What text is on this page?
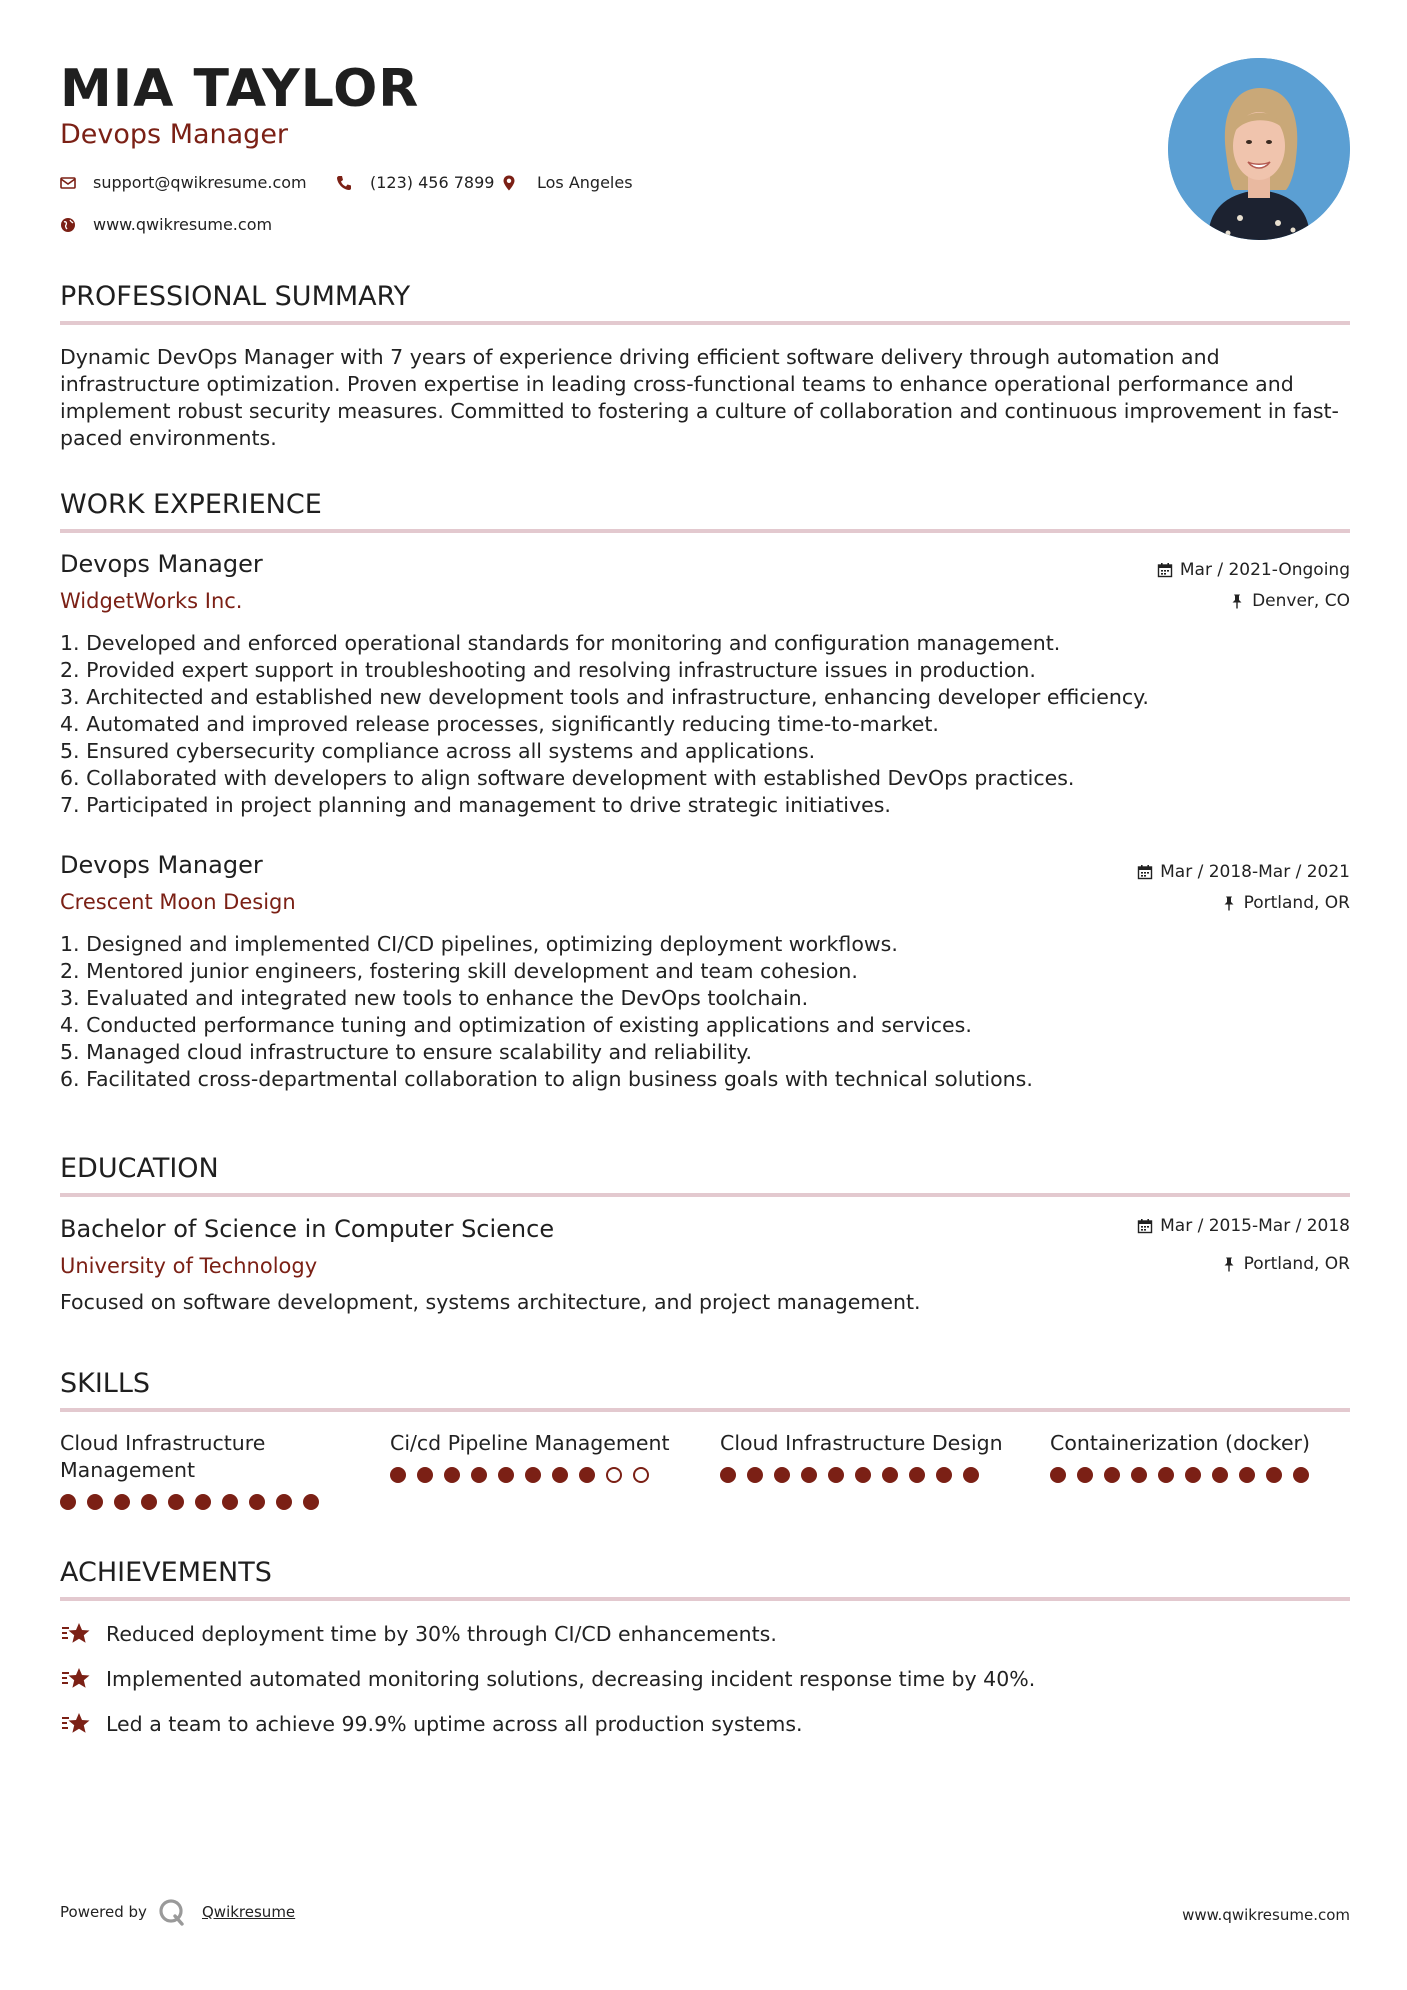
MIA TAYLOR
Devops Manager
support@qwikresume.com	(123) 456 7899	Los Angeles
www.qwikresume.com
PROFESSIONAL SUMMARY
Dynamic DevOps Manager with 7 years of experience driving efficient software delivery through automation and infrastructure optimization. Proven expertise in leading cross-functional teams to enhance operational performance and implement robust security measures. Committed to fostering a culture of collaboration and continuous improvement in fast-paced environments.
WORK EXPERIENCE
Devops Manager
WidgetWorks Inc.
Mar / 2021-Ongoing
Denver, CO
1. Developed and enforced operational standards for monitoring and configuration management.
2. Provided expert support in troubleshooting and resolving infrastructure issues in production.
3. Architected and established new development tools and infrastructure, enhancing developer efficiency.
4. Automated and improved release processes, significantly reducing time-to-market.
5. Ensured cybersecurity compliance across all systems and applications.
6. Collaborated with developers to align software development with established DevOps practices.
7. Participated in project planning and management to drive strategic initiatives.
Devops Manager
Crescent Moon Design
Mar / 2018-Mar / 2021
Portland, OR
1. Designed and implemented CI/CD pipelines, optimizing deployment workflows.
2. Mentored junior engineers, fostering skill development and team cohesion.
3. Evaluated and integrated new tools to enhance the DevOps toolchain.
4. Conducted performance tuning and optimization of existing applications and services.
5. Managed cloud infrastructure to ensure scalability and reliability.
6. Facilitated cross-departmental collaboration to align business goals with technical solutions.
EDUCATION
Bachelor of Science in Computer Science
University of Technology
Mar / 2015-Mar / 2018
Portland, OR
Focused on software development, systems architecture, and project management.
SKILLS
Cloud Infrastructure Management
Ci/cd Pipeline Management	Cloud Infrastructure Design	Containerization (docker)
ACHIEVEMENTS
Reduced deployment time by 30% through CI/CD enhancements.
Implemented automated monitoring solutions, decreasing incident response time by 40%.
Led a team to achieve 99.9% uptime across all production systems.
Powered by	Qwikresume	www.qwikresume.com
